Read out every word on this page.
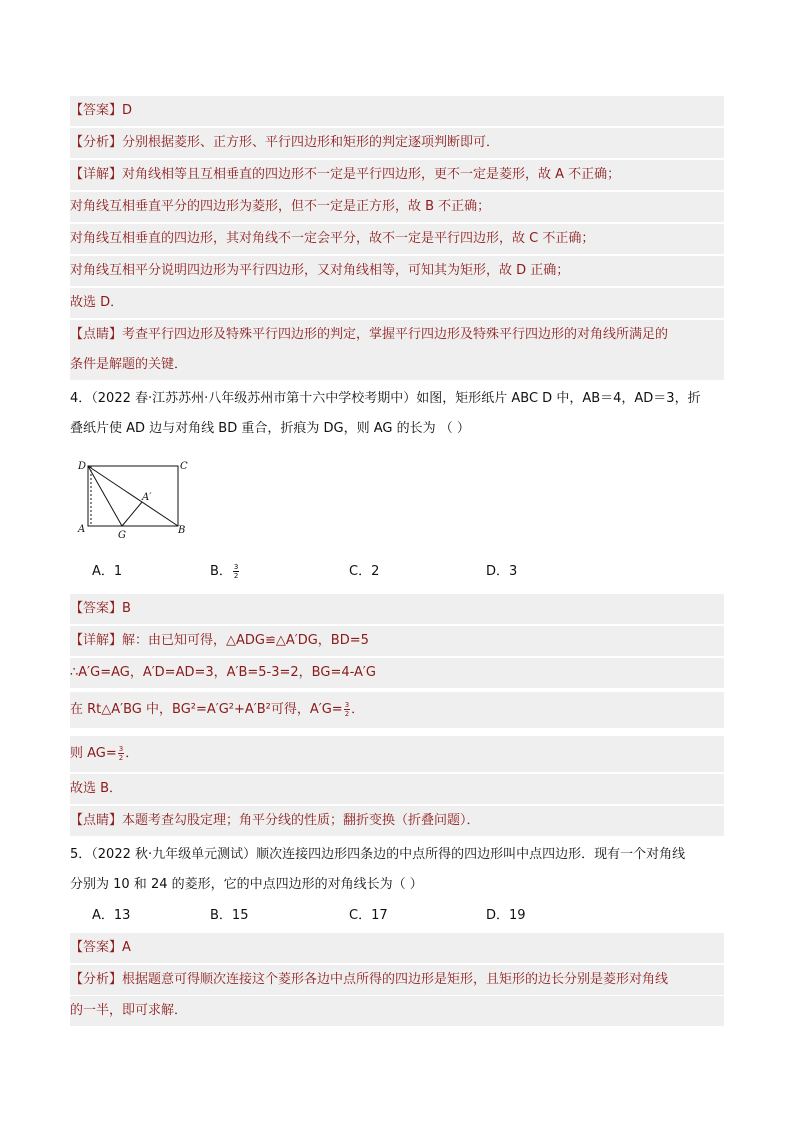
【答案】D
【分析】分别根据菱形、正方形、平行四边形和矩形的判定逐项判断即可．
【详解】对角线相等且互相垂直的四边形不一定是平行四边形，更不一定是菱形，故 A 不正确；
对角线互相垂直平分的四边形为菱形，但不一定是正方形，故 B 不正确；
对角线互相垂直的四边形，其对角线不一定会平分，故不一定是平行四边形，故 C 不正确；
对角线互相平分说明四边形为平行四边形，又对角线相等，可知其为矩形，故 D 正确；
故选 D．
【点睛】考查平行四边形及特殊平行四边形的判定，掌握平行四边形及特殊平行四边形的对角线所满足的
条件是解题的关键．
4．（2022 春·江苏苏州·八年级苏州市第十六中学校考期中）如图，矩形纸片 ABC D 中，AB＝4，AD＝3，折
叠纸片使 AD 边与对角线 BD 重合，折痕为 DG，则 AG 的长为 （ ）
D	C
A
G	B
A′
A．1	B． $\frac{3}{2}$	C．2	D．3
【答案】B
【详解】解：由已知可得，△ADG≌△A′DG，BD=5
∴A′G=AG，A′D=AD=3，A′B=5-3=2，BG=4-A′G
在 Rt△A′BG 中，BG²=A′G²+A′B²可得，$A'G= \frac{3}{2}$ ．
则 $AG= \frac{3}{2}$ ．
故选 B．
【点睛】本题考查勾股定理；角平分线的性质；翻折变换（折叠问题）．
5．（2022 秋·九年级单元测试）顺次连接四边形四条边的中点所得的四边形叫中点四边形．现有一个对角线
分别为 10 和 24 的菱形，它的中点四边形的对角线长为（ ）
A．13	B．15	C．17	D．19
【答案】A
【分析】根据题意可得顺次连接这个菱形各边中点所得的四边形是矩形，且矩形的边长分别是菱形对角线
的一半，即可求解．
